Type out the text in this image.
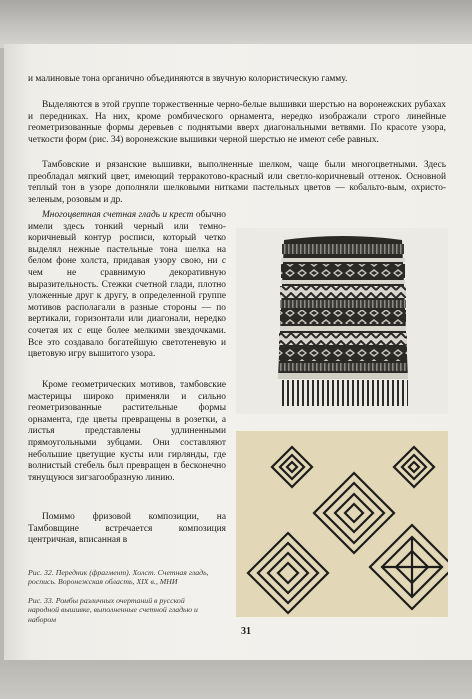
и малиновые тона органично объединяются в звучную колористическую гамму.

Выделяются в этой группе торжественные черно-белые вышивки шерстью на воронежских рубахах и передниках. На них, кроме ромбического орнамента, нередко изображали строго линейные геометризованные формы деревьев с поднятыми вверх диагональными ветвями. По красоте узора, четкости форм (рис. 34) воронежские вышивки черной шерстью не имеют себе равных.

Тамбовские и рязанские вышивки, выполненные шелком, чаще были многоцветными. Здесь преобладал мягкий цвет, имеющий терракотово-красный или светло-коричневый оттенок. Основной теплый тон в узоре дополняли шелковыми нитками пастельных цветов — кобальто-вым, охристо-зеленым, розовым и др.

Многоцветная счетная гладь и крест обычно имели здесь тонкий черный или темно-коричневый контур росписи, который четко выделял нежные пастельные тона шелка на белом фоне холста, придавая узору свою, ни с чем не сравнимую декоративную выразительность. Стежки счетной глади, плотно уложенные друг к другу, в определенной группе мотивов располагали в разные стороны — по вертикали, горизонтали или диагонали, нередко сочетая их с еще более мелкими звездочками. Все это создавало богатейшую светотеневую и цветовую игру вышитого узора.

Кроме геометрических мотивов, тамбовские мастерицы широко применяли и сильно геометризованные растительные формы орнамента, где цветы превращены в розетки, а листья представлены удлиненными прямоугольными зубцами. Они составляют небольшие цветущие кусты или гирлянды, где волнистый стебель был превращен в бесконечно тянущуюся зигзагообразную линию.

Помимо фризовой композиции, на Тамбовщине встречается композиция центричная, вписанная в

Рис. 32. Передник (фрагмент). Холст. Счетная гладь, роспись. Воронежская область, XIX в., МНИ

Рис. 33. Ромбы различных очертаний в русской народной вышивке, выполненные счетной гладью и набором

31
